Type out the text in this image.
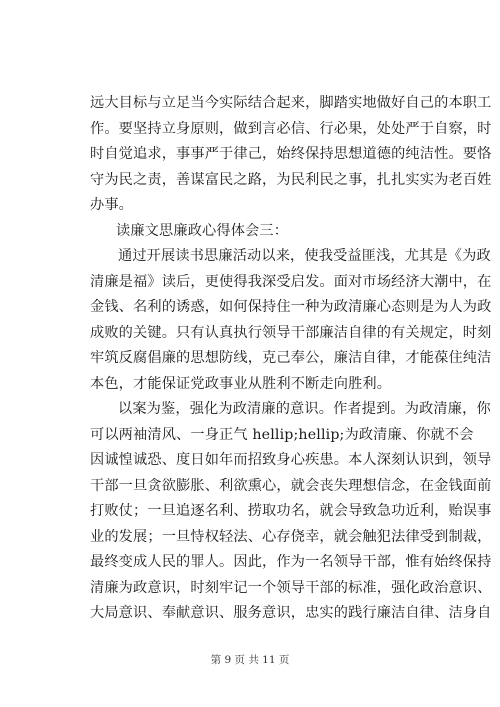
远大目标与立足当今实际结合起来，脚踏实地做好自己的本职工
作。要坚持立身原则，做到言必信、行必果，处处严于自察，时
时自觉追求，事事严于律己，始终保持思想道德的纯洁性。要恪
守为民之责，善谋富民之路，为民利民之事，扎扎实实为老百姓
办事。
读廉文思廉政心得体会三：
通过开展读书思廉活动以来，使我受益匪浅，尤其是《为政
清廉是福》读后，更使得我深受启发。面对市场经济大潮中，在
金钱、名利的诱惑，如何保持住一种为政清廉心态则是为人为政
成败的关键。只有认真执行领导干部廉洁自律的有关规定，时刻
牢筑反腐倡廉的思想防线，克己奉公，廉洁自律，才能葆住纯洁
本色，才能保证党政事业从胜利不断走向胜利。
以案为鉴，强化为政清廉的意识。作者提到。为政清廉，你
可以两袖清风、一身正气 hellip;hellip;为政清廉、你就不会
因诚惶诚恐、度日如年而招致身心疾患。本人深刻认识到，领导
干部一旦贪欲膨胀、利欲熏心，就会丧失理想信念，在金钱面前
打败仗；一旦追逐名利、捞取功名，就会导致急功近利，贻误事
业的发展；一旦恃权轻法、心存侥幸，就会触犯法律受到制裁，
最终变成人民的罪人。因此，作为一名领导干部，惟有始终保持
清廉为政意识，时刻牢记一个领导干部的标准，强化政治意识、
大局意识、奉献意识、服务意识，忠实的践行廉洁自律、洁身自
第 9 页 共 11 页
